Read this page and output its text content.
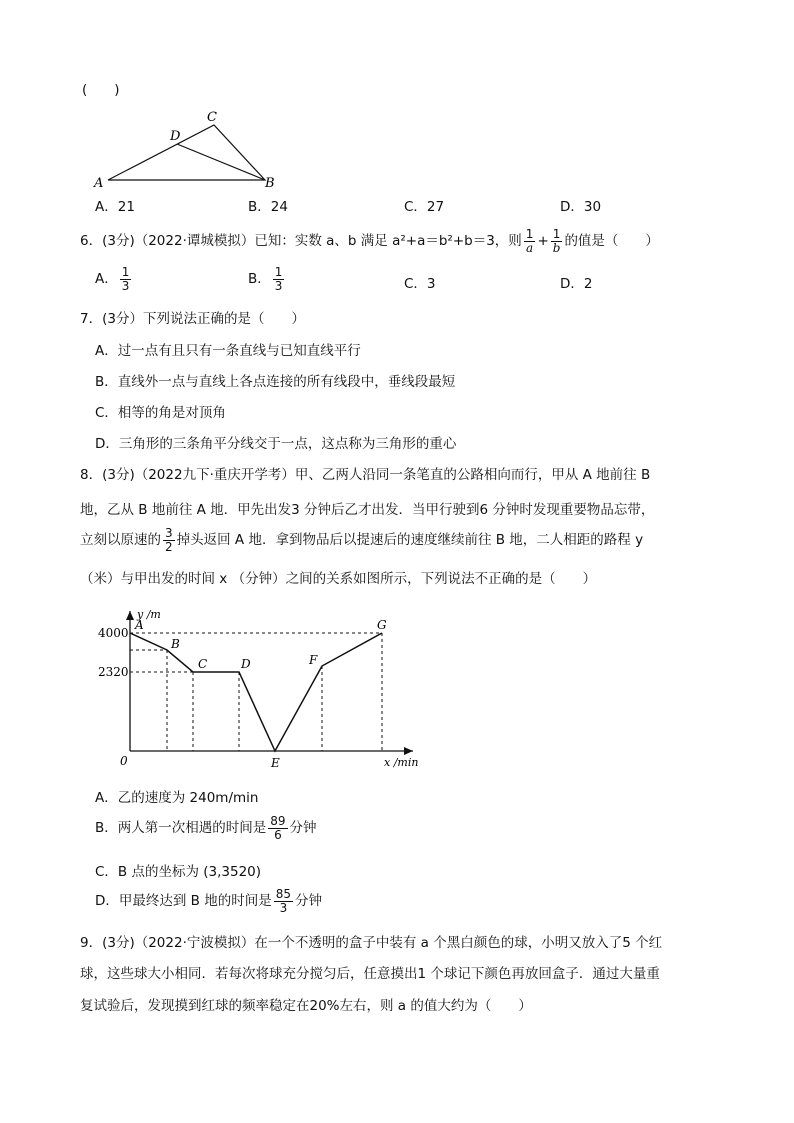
(　　)
C
D
A	B
A．21	B．24	C．27	D．30
6．(3分)（2022·谭城模拟）已知：实数 a、b 满足 a²+a＝b²+b＝3，则 $\frac{1}{a} + \frac{1}{b}$ 的值是（　　）
A． $\frac{1}{3}$	B． $\frac{1}{3}$	C．3	D．2
7．(3分）下列说法正确的是（　　）
A．过一点有且只有一条直线与已知直线平行
B．直线外一点与直线上各点连接的所有线段中，垂线段最短
C．相等的角是对顶角
D．三角形的三条角平分线交于一点，这点称为三角形的重心
8．(3分)（2022九下·重庆开学考）甲、乙两人沿同一条笔直的公路相向而行，甲从 A 地前往 B
地，乙从 B 地前往 A 地．甲先出发3 分钟后乙才出发．当甲行驶到6 分钟时发现重要物品忘带，
立刻以原速的 $\frac{3}{2}$ 掉头返回 A 地．拿到物品后以提速后的速度继续前往 B 地，二人相距的路程 y
（米）与甲出发的时间 x （分钟）之间的关系如图所示，下列说法不正确的是（　　）
y /m
x /min
0
4000
2320
A
B
C	D
E
F
G
A．乙的速度为 240m/min
B．两人第一次相遇的时间是 $\frac{89}{6}$ 分钟
C．B 点的坐标为 (3,3520)
D．甲最终达到 B 地的时间是 $\frac{85}{3}$ 分钟
9．(3分)（2022·宁波模拟）在一个不透明的盒子中装有 a 个黑白颜色的球，小明又放入了5 个红
球，这些球大小相同．若每次将球充分搅匀后，任意摸出1 个球记下颜色再放回盒子．通过大量重
复试验后，发现摸到红球的频率稳定在20%左右，则 a 的值大约为（　　）
